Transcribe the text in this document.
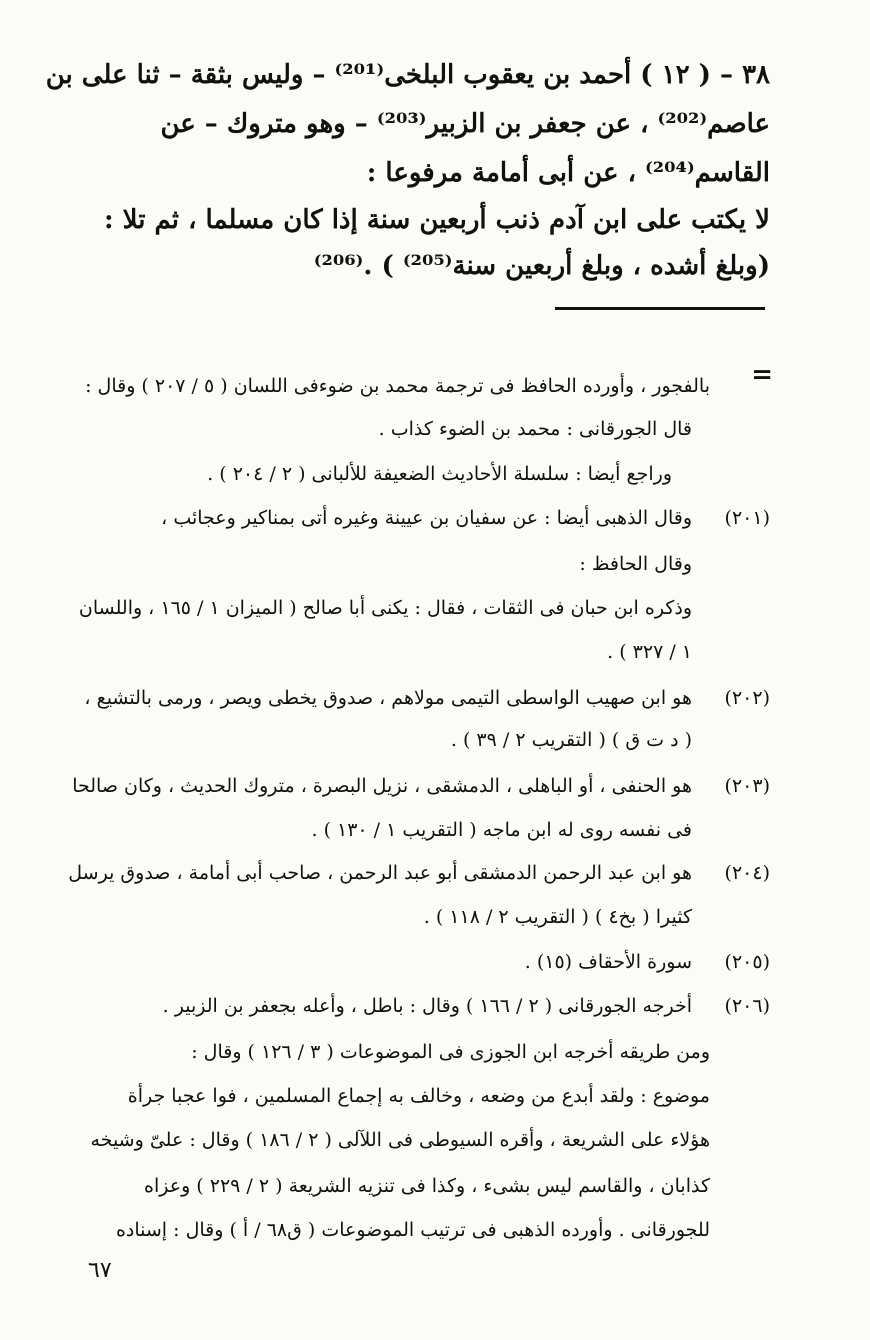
٣٨ – ( ١٢ ) أحمد بن يعقوب البلخى⁽²⁰¹⁾ – وليس بثقة – ثنا على بن

عاصم⁽²⁰²⁾ ، عن جعفر بن الزبير⁽²⁰³⁾ – وهو متروك – عن

القاسم⁽²⁰⁴⁾ ، عن أبى أمامة مرفوعا :

لا يكتب على ابن آدم ذنب أربعين سنة إذا كان مسلما ، ثم تلا :

(وبلغ أشده ، وبلغ أربعين سنة⁽²⁰⁵⁾ ) .⁽²⁰⁶⁾

=
(٢٠١)
(٢٠٢)
(٢٠٣)
(٢٠٤)
(٢٠٥)
(٢٠٦)

بالفجور ، وأورده الحافظ فى ترجمة محمد بن ضوءفى اللسان ( ٥ / ٢٠٧ ) وقال :

قال الجورقانى : محمد بن الضوء كذاب .

وراجع أيضا : سلسلة الأحاديث الضعيفة للألبانى ( ٢ / ٢٠٤ ) .

وقال الذهبى أيضا : عن سفيان بن عيينة وغيره أتى بمناكير وعجائب ،

وقال الحافظ :

وذكره ابن حبان فى الثقات ، فقال : يكنى أبا صالح ( الميزان ١ / ١٦٥ ، واللسان

١ / ٣٢٧ ) .

هو ابن صهيب الواسطى التيمى مولاهم ، صدوق يخطى ويصر ، ورمى بالتشيع ،

( د ت ق ) ( التقريب ٢ / ٣٩ ) .

هو الحنفى ، أو الباهلى ، الدمشقى ، نزيل البصرة ، متروك الحديث ، وكان صالحا

فى نفسه روى له ابن ماجه ( التقريب ١ / ١٣٠ ) .

هو ابن عبد الرحمن الدمشقى أبو عبد الرحمن ، صاحب أبى أمامة ، صدوق يرسل

كثيرا ( بخ٤ ) ( التقريب ٢ / ١١٨ ) .

سورة الأحقاف (١٥) .

أخرجه الجورقانى ( ٢ / ١٦٦ ) وقال : باطل ، وأعله بجعفر بن الزبير .

ومن طريقه أخرجه ابن الجوزى فى الموضوعات ( ٣ / ١٢٦ ) وقال :

موضوع : ولقد أبدع من وضعه ، وخالف به إجماع المسلمين ، فوا عجبا جرأة

هؤلاء على الشريعة ، وأقره السيوطى فى اللآلى ( ٢ / ١٨٦ ) وقال : علىّ وشيخه

كذابان ، والقاسم ليس بشىء ، وكذا فى تنزيه الشريعة ( ٢ / ٢٢٩ ) وعزاه

للجورقانى . وأورده الذهبى فى ترتيب الموضوعات ( ق٦٨ / أ ) وقال : إسناده

٦٧
